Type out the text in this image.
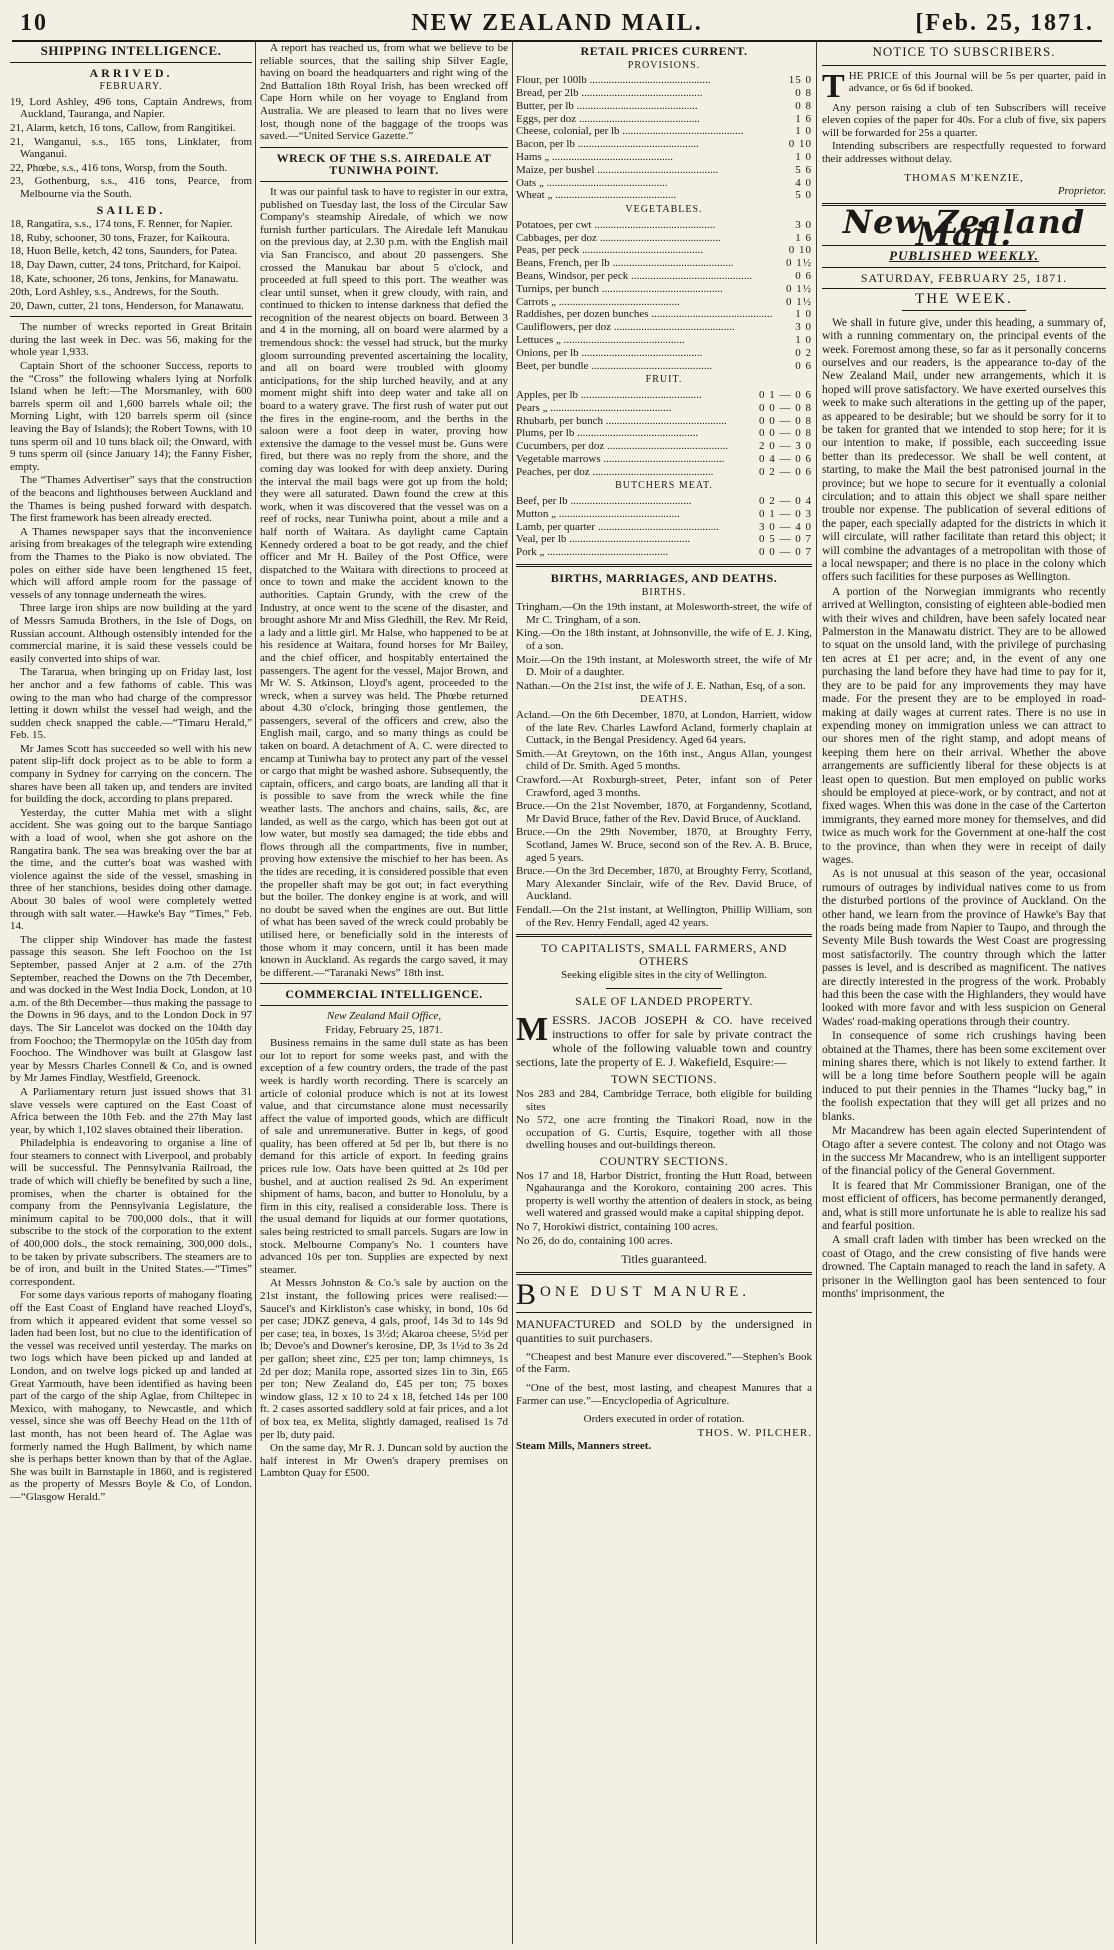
10	NEW ZEALAND MAIL.	[Feb. 25, 1871.
SHIPPING INTELLIGENCE.
ARRIVED.
FEBRUARY.

19, Lord Ashley, 496 tons, Captain Andrews, from Auckland, Tauranga, and Napier.

21, Alarm, ketch, 16 tons, Callow, from Rangitikei.

21, Wanganui, s.s., 165 tons, Linklater, from Wanganui.

22, Phœbe, s.s., 416 tons, Worsp, from the South.

23, Gothenburg, s.s., 416 tons, Pearce, from Melbourne via the South.

SAILED.

18, Rangatira, s.s., 174 tons, F. Renner, for Napier.

18, Ruby, schooner, 30 tons, Frazer, for Kaikoura.

18, Huon Belle, ketch, 42 tons, Saunders, for Patea.

18, Day Dawn, cutter, 24 tons, Pritchard, for Kaipoi.

18, Kate, schooner, 26 tons, Jenkins, for Manawatu.

20th, Lord Ashley, s.s., Andrews, for the South.

20, Dawn, cutter, 21 tons, Henderson, for Manawatu.

The number of wrecks reported in Great Britain during the last week in Dec. was 56, making for the whole year 1,933.

Captain Short of the schooner Success, reports to the “Cross” the following whalers lying at Norfolk Island when he left:—The Morsmanley, with 600 barrels sperm oil and 1,600 barrels whale oil; the Morning Light, with 120 barrels sperm oil (since leaving the Bay of Islands); the Robert Towns, with 10 tuns sperm oil and 10 tuns black oil; the Onward, with 9 tuns sperm oil (since January 14); the Fanny Fisher, empty.

The “Thames Advertiser” says that the construction of the beacons and lighthouses between Auckland and the Thames is being pushed forward with despatch. The first framework has been already erected.

A Thames newspaper says that the inconvenience arising from breakages of the telegraph wire extending from the Thames to the Piako is now obviated. The poles on either side have been lengthened 15 feet, which will afford ample room for the passage of vessels of any tonnage underneath the wires.

Three large iron ships are now building at the yard of Messrs Samuda Brothers, in the Isle of Dogs, on Russian account. Although ostensibly intended for the commercial marine, it is said these vessels could be easily converted into ships of war.

The Tararua, when bringing up on Friday last, lost her anchor and a few fathoms of cable. This was owing to the man who had charge of the compressor letting it down whilst the vessel had weigh, and the sudden check snapped the cable.—“Timaru Herald,” Feb. 15.

Mr James Scott has succeeded so well with his new patent slip-lift dock project as to be able to form a company in Sydney for carrying on the concern. The shares have been all taken up, and tenders are invited for building the dock, according to plans prepared.

Yesterday, the cutter Mahia met with a slight accident. She was going out to the barque Santiago with a load of wool, when she got ashore on the Rangatira bank. The sea was breaking over the bar at the time, and the cutter's boat was washed with violence against the side of the vessel, smashing in three of her stanchions, besides doing other damage. About 30 bales of wool were completely wetted through with salt water.—Hawke's Bay “Times,” Feb. 14.

The clipper ship Windover has made the fastest passage this season. She left Foochoo on the 1st September, passed Anjer at 2 a.m. of the 27th September, reached the Downs on the 7th December, and was docked in the West India Dock, London, at 10 a.m. of the 8th December—thus making the passage to the Downs in 96 days, and to the London Dock in 97 days. The Sir Lancelot was docked on the 104th day from Foochoo; the Thermopylæ on the 105th day from Foochoo. The Windhover was built at Glasgow last year by Messrs Charles Connell & Co, and is owned by Mr James Findlay, Westfield, Greenock.

A Parliamentary return just issued shows that 31 slave vessels were captured on the East Coast of Africa between the 10th Feb. and the 27th May last year, by which 1,102 slaves obtained their liberation.

Philadelphia is endeavoring to organise a line of four steamers to connect with Liverpool, and probably will be successful. The Pennsylvania Railroad, the trade of which will chiefly be benefited by such a line, promises, when the charter is obtained for the company from the Pennsylvania Legislature, the minimum capital to be 700,000 dols., that it will subscribe to the stock of the corporation to the extent of 400,000 dols., the stock remaining, 300,000 dols., to be taken by private subscribers. The steamers are to be of iron, and built in the United States.—“Times” correspondent.

For some days various reports of mahogany floating off the East Coast of England have reached Lloyd's, from which it appeared evident that some vessel so laden had been lost, but no clue to the identification of the vessel was received until yesterday. The marks on two logs which have been picked up and landed at London, and on twelve logs picked up and landed at Great Yarmouth, have been identified as having been part of the cargo of the ship Aglae, from Chiltepec in Mexico, with mahogany, to Newcastle, and which vessel, since she was off Beechy Head on the 11th of last month, has not been heard of. The Aglae was formerly named the Hugh Ballment, by which name she is perhaps better known than by that of the Aglae. She was built in Barnstaple in 1860, and is registered as the property of Messrs Boyle & Co, of London.—“Glasgow Herald.”

A report has reached us, from what we believe to be reliable sources, that the sailing ship Silver Eagle, having on board the headquarters and right wing of the 2nd Battalion 18th Royal Irish, has been wrecked off Cape Horn while on her voyage to England from Australia. We are pleased to learn that no lives were lost, though none of the baggage of the troops was saved.—“United Service Gazette.”

WRECK OF THE S.S. AIREDALE AT TUNIWHA POINT.

It was our painful task to have to register in our extra, published on Tuesday last, the loss of the Circular Saw Company's steamship Airedale, of which we now furnish further particulars. The Airedale left Manukau on the previous day, at 2.30 p.m. with the English mail via San Francisco, and about 20 passengers. She crossed the Manukau bar about 5 o'clock, and proceeded at full speed to this port. The weather was clear until sunset, when it grew cloudy, with rain, and continued to thicken to intense darkness that defied the recognition of the nearest objects on board. Between 3 and 4 in the morning, all on board were alarmed by a tremendous shock: the vessel had struck, but the murky gloom surrounding prevented ascertaining the locality, and all on board were troubled with gloomy anticipations, for the ship lurched heavily, and at any moment might shift into deep water and take all on board to a watery grave. The first rush of water put out the fires in the engine-room, and the berths in the saloon were a foot deep in water, proving how extensive the damage to the vessel must be. Guns were fired, but there was no reply from the shore, and the coming day was looked for with deep anxiety. During the interval the mail bags were got up from the hold; they were all saturated. Dawn found the crew at this work, when it was discovered that the vessel was on a reef of rocks, near Tuniwha point, about a mile and a half north of Waitara. As daylight came Captain Kennedy ordered a boat to be got ready, and the chief officer and Mr H. Bailey of the Post Office, were dispatched to the Waitara with directions to proceed at once to town and make the accident known to the authorities. Captain Grundy, with the crew of the Industry, at once went to the scene of the disaster, and brought ashore Mr and Miss Gledhill, the Rev. Mr Reid, a lady and a little girl. Mr Halse, who happened to be at his residence at Waitara, found horses for Mr Bailey, and the chief officer, and hospitably entertained the passengers. The agent for the vessel, Major Brown, and Mr W. S. Atkinson, Lloyd's agent, proceeded to the wreck, when a survey was held. The Phœbe returned about 4.30 o'clock, bringing those gentlemen, the passengers, several of the officers and crew, also the English mail, cargo, and so many things as could be taken on board. A detachment of A. C. were directed to encamp at Tuniwha bay to protect any part of the vessel or cargo that might be washed ashore. Subsequently, the captain, officers, and cargo boats, are landing all that it is possible to save from the wreck while the fine weather lasts. The anchors and chains, sails, &c, are landed, as well as the cargo, which has been got out at low water, but mostly sea damaged; the tide ebbs and flows through all the compartments, five in number, proving how extensive the mischief to her has been. As the tides are receding, it is considered possible that even the propeller shaft may be got out; in fact everything but the boiler. The donkey engine is at work, and will no doubt be saved when the engines are out. But little of what has been saved of the wreck could probably be utilised here, or beneficially sold in the interests of those whom it may concern, until it has been made known in Auckland. As regards the cargo saved, it may be different.—“Taranaki News” 18th inst.

COMMERCIAL INTELLIGENCE.

New Zealand Mail Office,

Friday, February 25, 1871.

Business remains in the same dull state as has been our lot to report for some weeks past, and with the exception of a few country orders, the trade of the past week is hardly worth recording. There is scarcely an article of colonial produce which is not at its lowest value, and that circumstance alone must necessarily affect the value of imported goods, which are difficult of sale and unremunerative. Butter in kegs, of good quality, has been offered at 5d per lb, but there is no demand for this article of export. In feeding grains prices rule low. Oats have been quitted at 2s 10d per bushel, and at auction realised 2s 9d. An experiment shipment of hams, bacon, and butter to Honolulu, by a firm in this city, realised a considerable loss. There is the usual demand for liquids at our former quotations, sales being restricted to small parcels. Sugars are low in stock. Melbourne Company's No. 1 counters have advanced 10s per ton. Supplies are expected by next steamer.

At Messrs Johnston & Co.'s sale by auction on the 21st instant, the following prices were realised:—Saucel's and Kirkliston's case whisky, in bond, 10s 6d per case; JDKZ geneva, 4 gals, proof, 14s 3d to 14s 9d per case; tea, in boxes, 1s 3½d; Akaroa cheese, 5½d per lb; Devoe's and Downer's kerosine, DP, 3s 1½d to 3s 2d per gallon; sheet zinc, £25 per ton; lamp chimneys, 1s 2d per doz; Manila rope, assorted sizes 1in to 3in, £65 per ton; New Zealand do, £45 per ton; 75 boxes window glass, 12 x 10 to 24 x 18, fetched 14s per 100 ft. 2 cases assorted saddlery sold at fair prices, and a lot of box tea, ex Melita, slightly damaged, realised 1s 7d per lb, duty paid.

On the same day, Mr R. J. Duncan sold by auction the half interest in Mr Owen's drapery premises on Lambton Quay for £500.

RETAIL PRICES CURRENT.
PROVISIONS.
Flour, per 100lb ............................................	15 0
Bread, per 2lb ............................................	0 8
Butter, per lb ............................................	0 8
Eggs, per doz ............................................	1 6
Cheese, colonial, per lb ............................................	1 0
Bacon, per lb ............................................	0 10
Hams „ ............................................	1 0
Maize, per bushel ............................................	5 6
Oats „ ............................................	4 0
Wheat „ ............................................	5 0
VEGETABLES.
Potatoes, per cwt ............................................	3 0
Cabbages, per doz ............................................	1 6
Peas, per peck ............................................	0 10
Beans, French, per lb ............................................	0 1½
Beans, Windsor, per peck ............................................	0 6
Turnips, per bunch ............................................	0 1½
Carrots „ ............................................	0 1½
Raddishes, per dozen bunches ............................................	1 0
Cauliflowers, per doz ............................................	3 0
Lettuces „ ............................................	1 0
Onions, per lb ............................................	0 2
Beet, per bundle ............................................	0 6
FRUIT.
Apples, per lb ............................................	0 1 — 0 6
Pears „ ............................................	0 0 — 0 8
Rhubarb, per bunch ............................................	0 0 — 0 8
Plums, per lb ............................................	0 0 — 0 8
Cucumbers, per doz ............................................	2 0 — 3 0
Vegetable marrows ............................................	0 4 — 0 6
Peaches, per doz ............................................	0 2 — 0 6
BUTCHERS MEAT.
Beef, per lb ............................................	0 2 — 0 4
Mutton „ ............................................	0 1 — 0 3
Lamb, per quarter ............................................	3 0 — 4 0
Veal, per lb ............................................	0 5 — 0 7
Pork „ ............................................	0 0 — 0 7
BIRTHS, MARRIAGES, AND DEATHS.
BIRTHS.

Tringham.—On the 19th instant, at Molesworth-street, the wife of Mr C. Tringham, of a son.

King.—On the 18th instant, at Johnsonville, the wife of E. J. King, of a son.

Moir.—On the 19th instant, at Molesworth street, the wife of Mr D. Moir of a daughter.

Nathan.—On the 21st inst, the wife of J. E. Nathan, Esq, of a son.

DEATHS.

Acland.—On the 6th December, 1870, at London, Harriett, widow of the late Rev. Charles Lawford Acland, formerly chaplain at Cuttack, in the Bengal Presidency. Aged 64 years.

Smith.—At Greytown, on the 16th inst., Angus Allan, youngest child of Dr. Smith. Aged 5 months.

Crawford.—At Roxburgh-street, Peter, infant son of Peter Crawford, aged 3 months.

Bruce.—On the 21st November, 1870, at Forgandenny, Scotland, Mr David Bruce, father of the Rev. David Bruce, of Auckland.

Bruce.—On the 29th November, 1870, at Broughty Ferry, Scotland, James W. Bruce, second son of the Rev. A. B. Bruce, aged 5 years.

Bruce.—On the 3rd December, 1870, at Broughty Ferry, Scotland, Mary Alexander Sinclair, wife of the Rev. David Bruce, of Auckland.

Fendall.—On the 21st instant, at Wellington, Phillip William, son of the Rev. Henry Fendall, aged 42 years.

TO CAPITALISTS, SMALL FARMERS, AND OTHERS

Seeking eligible sites in the city of Wellington.

SALE OF LANDED PROPERTY.
M ESSRS. JACOB JOSEPH & CO. have received instructions to offer for sale by private contract the whole of the following valuable town and country sections, late the property of E. J. Wakefield, Esquire:—

TOWN SECTIONS.

Nos 283 and 284, Cambridge Terrace, both eligible for building sites

No 572, one acre fronting the Tinakori Road, now in the occupation of G. Curtis, Esquire, together with all those dwelling houses and out-buildings thereon.

COUNTRY SECTIONS.

Nos 17 and 18, Harbor District, fronting the Hutt Road, between Ngahauranga and the Korokoro, containing 200 acres. This property is well worthy the attention of dealers in stock, as being well watered and grassed would make a capital shipping depot.

No 7, Horokiwi district, containing 100 acres.

No 26, do do, containing 100 acres.

Titles guaranteed.

B ONE DUST MANURE.

MANUFACTURED and SOLD by the undersigned in quantities to suit purchasers.

“Cheapest and best Manure ever discovered.”—Stephen's Book of the Farm.

“One of the best, most lasting, and cheapest Manures that a Farmer can use.”—Encyclopedia of Agriculture.

Orders executed in order of rotation.

THOS. W. PILCHER.

Steam Mills, Manners street.

NOTICE TO SUBSCRIBERS.
T HE PRICE of this Journal will be 5s per quarter, paid in advance, or 6s 6d if booked.

Any person raising a club of ten Subscribers will receive eleven copies of the paper for 40s. For a club of five, six papers will be forwarded for 25s a quarter.

Intending subscribers are respectfully requested to forward their addresses without delay.

THOMAS M'KENZIE,

Proprietor.

New Zealand Mail.
PUBLISHED WEEKLY.
SATURDAY, FEBRUARY 25, 1871.
THE WEEK.

We shall in future give, under this heading, a summary of, with a running commentary on, the principal events of the week. Foremost among these, so far as it personally concerns ourselves and our readers, is the appearance to-day of the New Zealand Mail, under new arrangements, which it is hoped will prove satisfactory. We have exerted ourselves this week to make such alterations in the getting up of the paper, as appeared to be desirable; but we should be sorry for it to be taken for granted that we intended to stop here; for it is our intention to make, if possible, each succeeding issue better than its predecessor. We shall be well content, at starting, to make the Mail the best patronised journal in the province; but we hope to secure for it eventually a colonial circulation; and to attain this object we shall spare neither trouble nor expense. The publication of several editions of the paper, each specially adapted for the districts in which it will circulate, will rather facilitate than retard this object; it will combine the advantages of a metropolitan with those of a local newspaper; and there is no place in the colony which offers such facilities for these purposes as Wellington.

A portion of the Norwegian immigrants who recently arrived at Wellington, consisting of eighteen able-bodied men with their wives and children, have been safely located near Palmerston in the Manawatu district. They are to be allowed to squat on the unsold land, with the privilege of purchasing ten acres at £1 per acre; and, in the event of any one purchasing the land before they have had time to pay for it, they are to be paid for any improvements they may have made. For the present they are to be employed in road-making at daily wages at current rates. There is no use in expending money on immigration unless we can attract to our shores men of the right stamp, and adopt means of keeping them here on their arrival. Whether the above arrangements are sufficiently liberal for these objects is at least open to question. But men employed on public works should be employed at piece-work, or by contract, and not at fixed wages. When this was done in the case of the Carterton immigrants, they earned more money for themselves, and did twice as much work for the Government at one-half the cost to the province, than when they were in receipt of daily wages.

As is not unusual at this season of the year, occasional rumours of outrages by individual natives come to us from the disturbed portions of the province of Auckland. On the other hand, we learn from the province of Hawke's Bay that the roads being made from Napier to Taupo, and through the Seventy Mile Bush towards the West Coast are progressing most satisfactorily. The country through which the latter passes is level, and is described as magnificent. The natives are directly interested in the progress of the work. Probably had this been the case with the Highlanders, they would have looked with more favor and with less suspicion on General Wades' road-making operations through their country.

In consequence of some rich crushings having been obtained at the Thames, there has been some excitement over mining shares there, which is not likely to extend farther. It will be a long time before Southern people will be again induced to put their pennies in the Thames “lucky bag,” in the foolish expectation that they will get all prizes and no blanks.

Mr Macandrew has been again elected Superintendent of Otago after a severe contest. The colony and not Otago was in the success Mr Macandrew, who is an intelligent supporter of the financial policy of the General Government.

It is feared that Mr Commissioner Branigan, one of the most efficient of officers, has become permanently deranged, and, what is still more unfortunate he is able to realize his sad and fearful position.

A small craft laden with timber has been wrecked on the coast of Otago, and the crew consisting of five hands were drowned. The Captain managed to reach the land in safety. A prisoner in the Wellington gaol has been sentenced to four months' imprisonment, the
